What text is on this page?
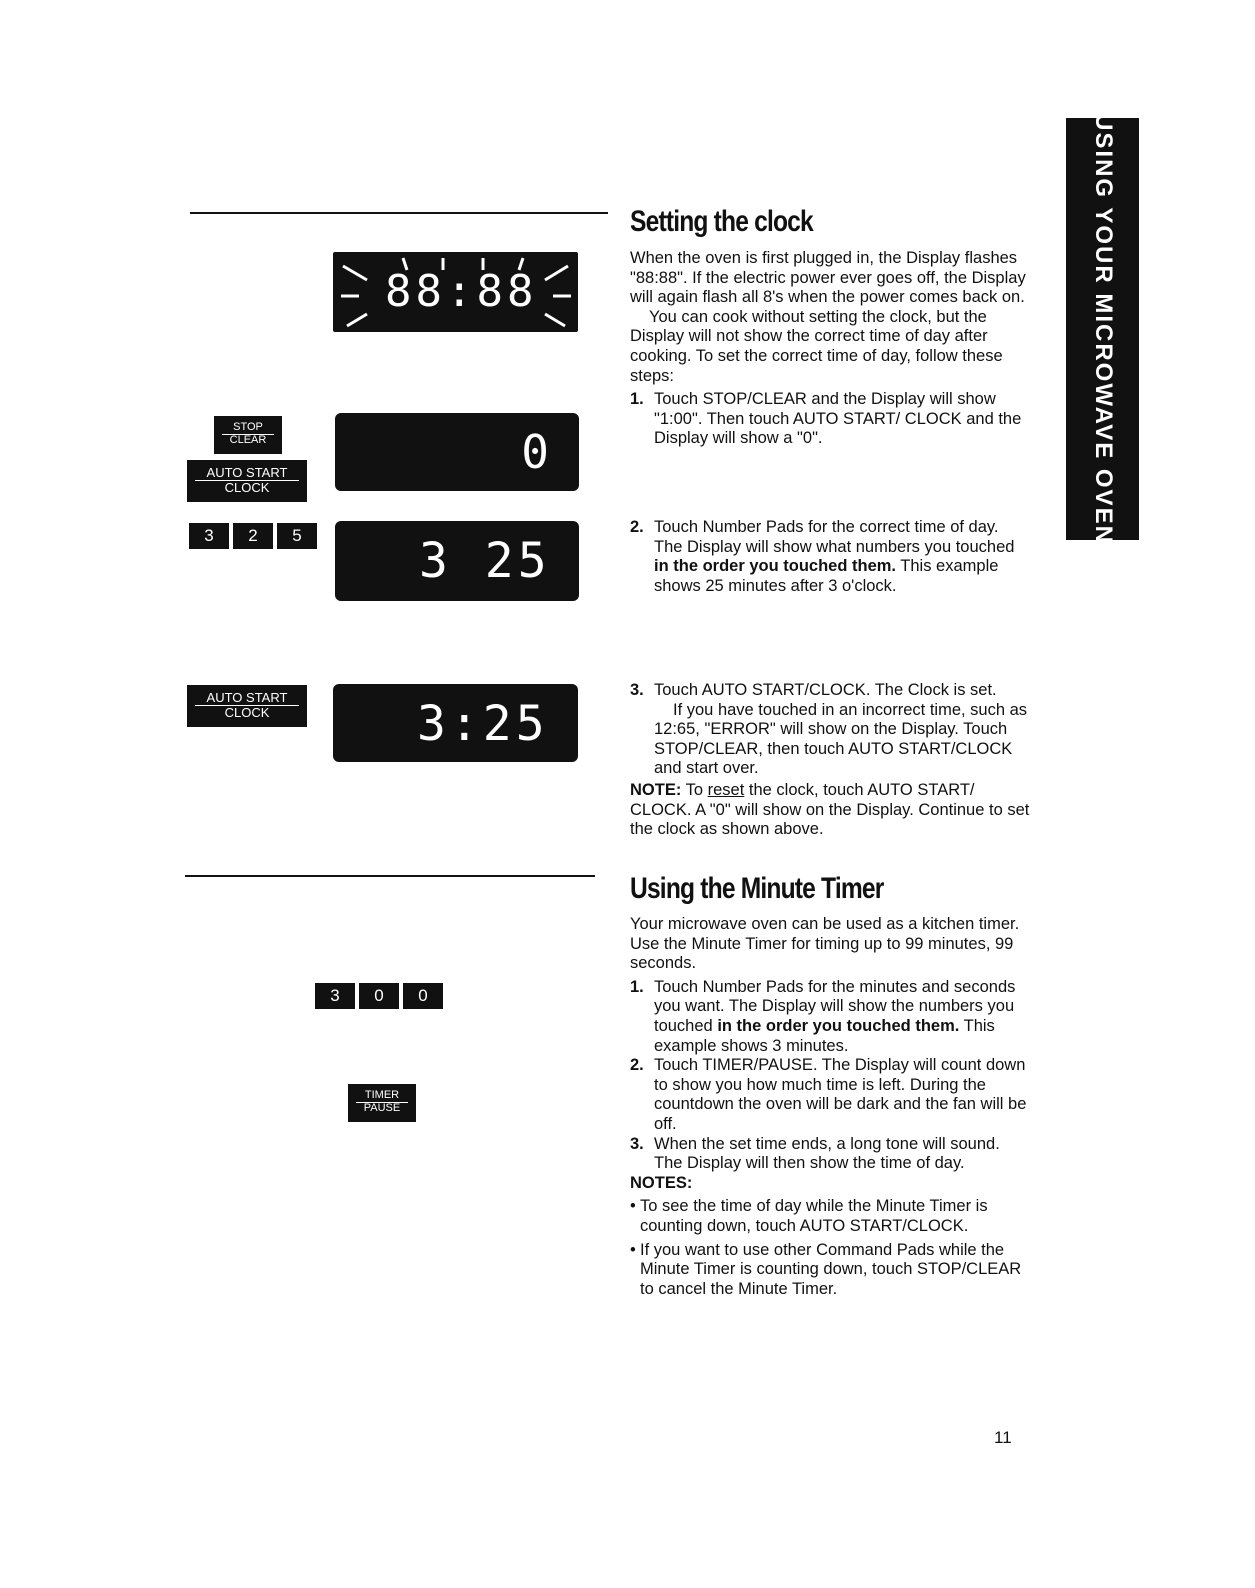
USING YOUR MICROWAVE OVEN
88:88
STOP
CLEAR
AUTO START
CLOCK
0
3	2	5	3 25
AUTO START
CLOCK	3:25
3	0	0
TIMER
PAUSE
Setting the clock

When the oven is first plugged in, the Display flashes "88:88". If the electric power ever goes off, the Display will again flash all 8's when the power comes back on.

You can cook without setting the clock, but the Display will not show the correct time of day after cooking. To set the correct time of day, follow these steps:

1. Touch STOP/CLEAR and the Display will show "1:00". Then touch AUTO START/ CLOCK and the Display will show a "0".

2. Touch Number Pads for the correct time of day. The Display will show what numbers you touched in the order you touched them. This example shows 25 minutes after 3 o'clock.

3. Touch AUTO START/CLOCK. The Clock is set.

If you have touched in an incorrect time, such as 12:65, "ERROR" will show on the Display. Touch STOP/CLEAR, then touch AUTO START/CLOCK and start over.

NOTE: To reset the clock, touch AUTO START/ CLOCK. A "0" will show on the Display. Continue to set the clock as shown above.

Using the Minute Timer

Your microwave oven can be used as a kitchen timer. Use the Minute Timer for timing up to 99 minutes, 99 seconds.

1. Touch Number Pads for the minutes and seconds you want. The Display will show the numbers you touched in the order you touched them. This example shows 3 minutes.

2. Touch TIMER/PAUSE. The Display will count down to show you how much time is left. During the countdown the oven will be dark and the fan will be off.

3. When the set time ends, a long tone will sound. The Display will then show the time of day.

NOTES:

• To see the time of day while the Minute Timer is counting down, touch AUTO START/CLOCK.

• If you want to use other Command Pads while the Minute Timer is counting down, touch STOP/CLEAR to cancel the Minute Timer.

11
